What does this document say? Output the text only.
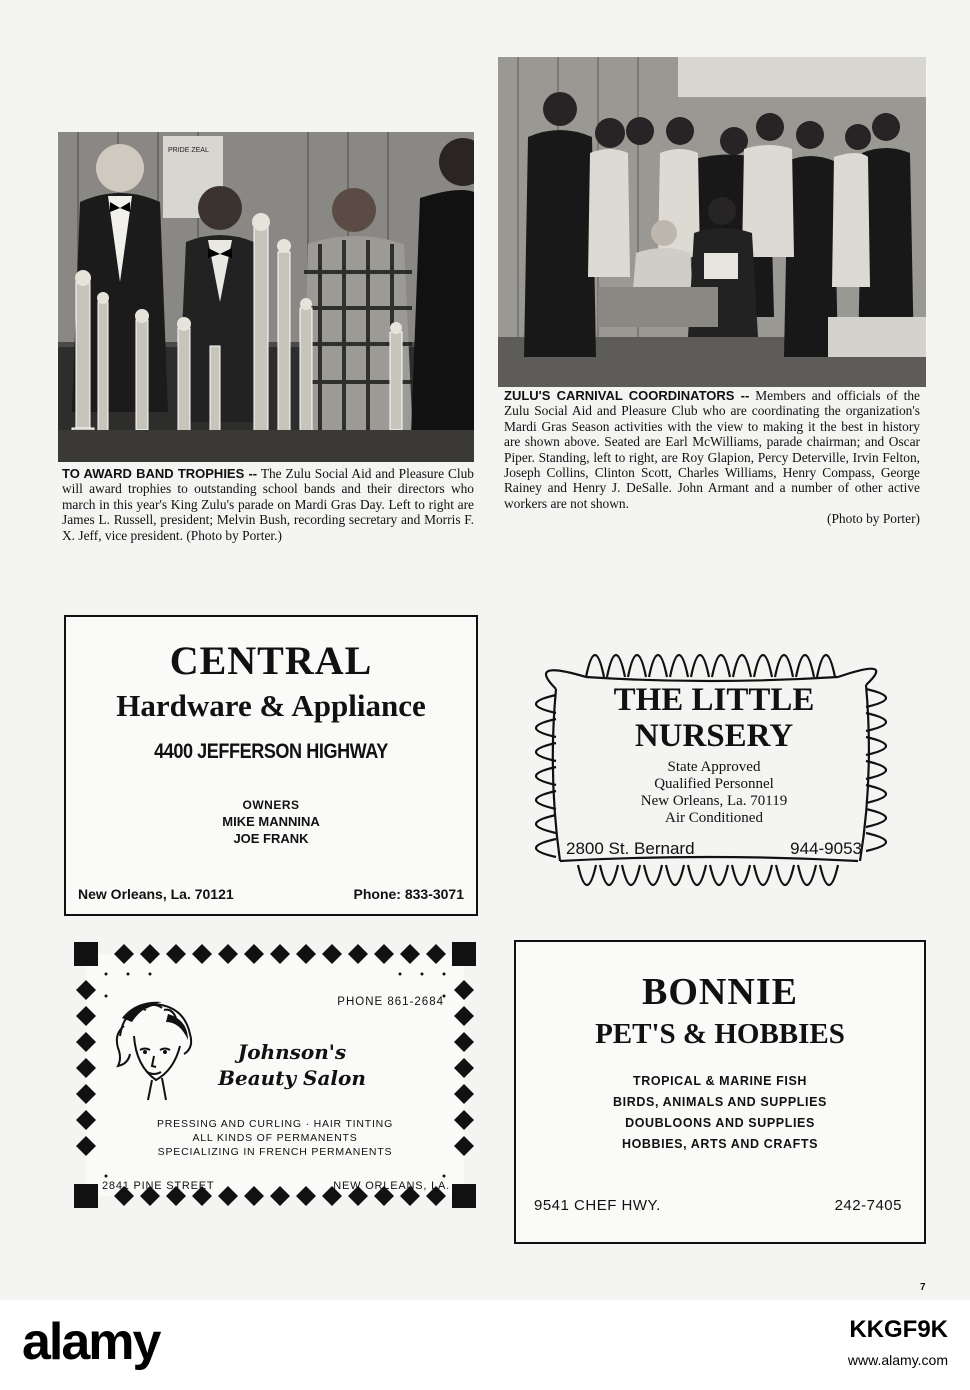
PRIDE ZEAL
TO AWARD BAND TROPHIES -- The Zulu Social Aid and Pleasure Club will award trophies to outstanding school bands and their directors who march in this year's King Zulu's parade on Mardi Gras Day. Left to right are James L. Russell, president; Melvin Bush, recording secretary and Morris F. X. Jeff, vice president. (Photo by Porter.)
ZULU'S CARNIVAL COORDINATORS -- Members and officials of the Zulu Social Aid and Pleasure Club who are coordinating the organization's Mardi Gras Season activities with the view to making it the best in history are shown above. Seated are Earl McWilliams, parade chairman; and Oscar Piper. Standing, left to right, are Roy Glapion, Percy Deterville, Irvin Felton, Joseph Collins, Clinton Scott, Charles Williams, Henry Compass, George Rainey and Henry J. DeSalle. John Armant and a number of other active workers are not shown.
(Photo by Porter)
CENTRAL
Hardware & Appliance
4400 JEFFERSON HIGHWAY
OWNERS
MIKE MANNINA
JOE FRANK
New Orleans, La. 70121	Phone: 833-3071
THE LITTLE
NURSERY
State Approved
Qualified Personnel
New Orleans, La. 70119
Air Conditioned
2800 St. Bernard	944-9053
PHONE 861-2684
Johnson's
Beauty Salon
PRESSING AND CURLING · HAIR TINTING
ALL KINDS OF PERMANENTS
SPECIALIZING IN FRENCH PERMANENTS
2841 PINE STREET	NEW ORLEANS, LA.
BONNIE
PET'S & HOBBIES
TROPICAL & MARINE FISH
BIRDS, ANIMALS AND SUPPLIES
DOUBLOONS AND SUPPLIES
HOBBIES, ARTS AND CRAFTS
9541 CHEF HWY.	242-7405
7
alamy	KKGF9K
www.alamy.com
